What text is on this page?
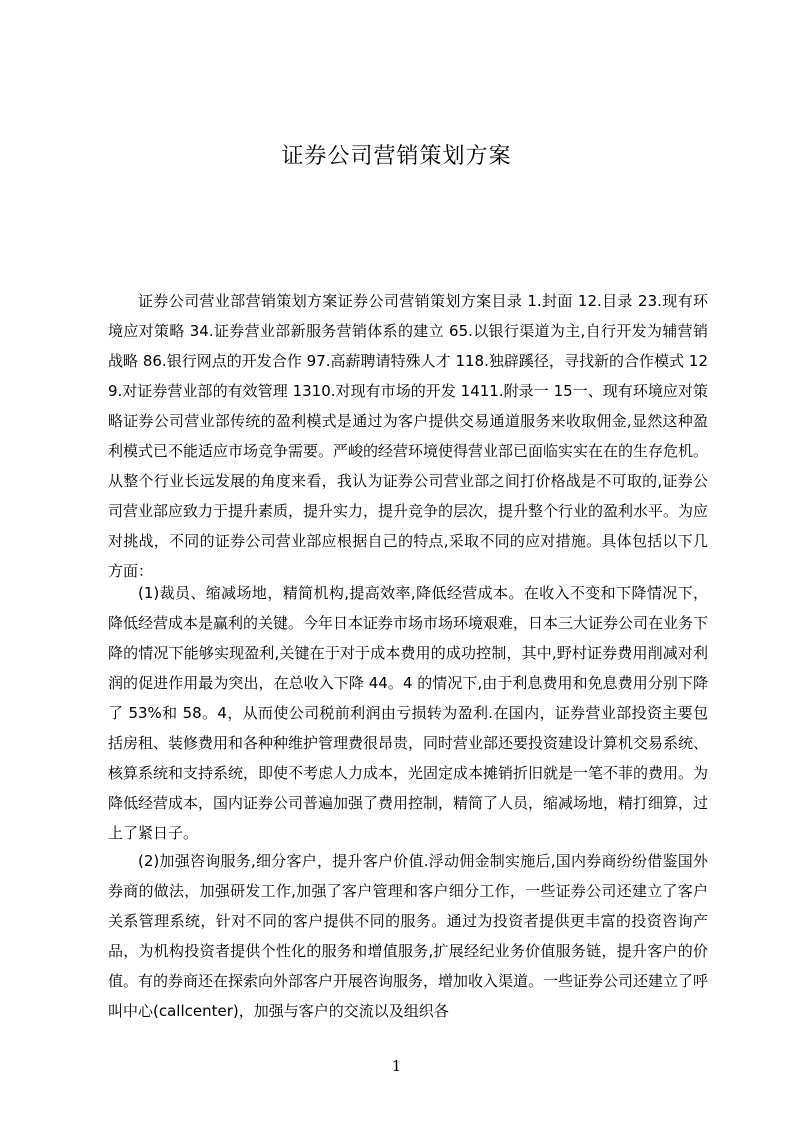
证券公司营销策划方案

证券公司营业部营销策划方案证券公司营销策划方案目录 1.封面 12.目录 23.现有环境应对策略 34.证券营业部新服务营销体系的建立 65.以银行渠道为主,自行开发为辅营销战略 86.银行网点的开发合作 97.高薪聘请特殊人才 118.独辟蹊径，寻找新的合作模式 129.对证券营业部的有效管理 1310.对现有市场的开发 1411.附录一 15一、现有环境应对策略证券公司营业部传统的盈利模式是通过为客户提供交易通道服务来收取佣金,显然这种盈利模式已不能适应市场竞争需要。严峻的经营环境使得营业部已面临实实在在的生存危机。从整个行业长远发展的角度来看，我认为证券公司营业部之间打价格战是不可取的,证券公司营业部应致力于提升素质，提升实力，提升竞争的层次，提升整个行业的盈利水平。为应对挑战，不同的证券公司营业部应根据自己的特点,采取不同的应对措施。具体包括以下几方面：

(1)裁员、缩减场地，精简机构,提高效率,降低经营成本。在收入不变和下降情况下，降低经营成本是赢利的关键。今年日本证券市场市场环境艰难，日本三大证券公司在业务下降的情况下能够实现盈利,关键在于对于成本费用的成功控制，其中,野村证券费用削减对利润的促进作用最为突出，在总收入下降 44。4 的情况下,由于利息费用和免息费用分别下降了 53%和 58。4，从而使公司税前利润由亏损转为盈利.在国内，证券营业部投资主要包括房租、装修费用和各种种维护管理费很昂贵，同时营业部还要投资建设计算机交易系统、核算系统和支持系统，即使不考虑人力成本，光固定成本摊销折旧就是一笔不菲的费用。为降低经营成本，国内证券公司普遍加强了费用控制，精简了人员，缩减场地，精打细算，过上了紧日子。

(2)加强咨询服务,细分客户，提升客户价值.浮动佣金制实施后,国内券商纷纷借鉴国外券商的做法，加强研发工作,加强了客户管理和客户细分工作，一些证券公司还建立了客户关系管理系统，针对不同的客户提供不同的服务。通过为投资者提供更丰富的投资咨询产品，为机构投资者提供个性化的服务和增值服务,扩展经纪业务价值服务链，提升客户的价值。有的券商还在探索向外部客户开展咨询服务，增加收入渠道。一些证券公司还建立了呼叫中心(callcenter)，加强与客户的交流以及组织各

1
